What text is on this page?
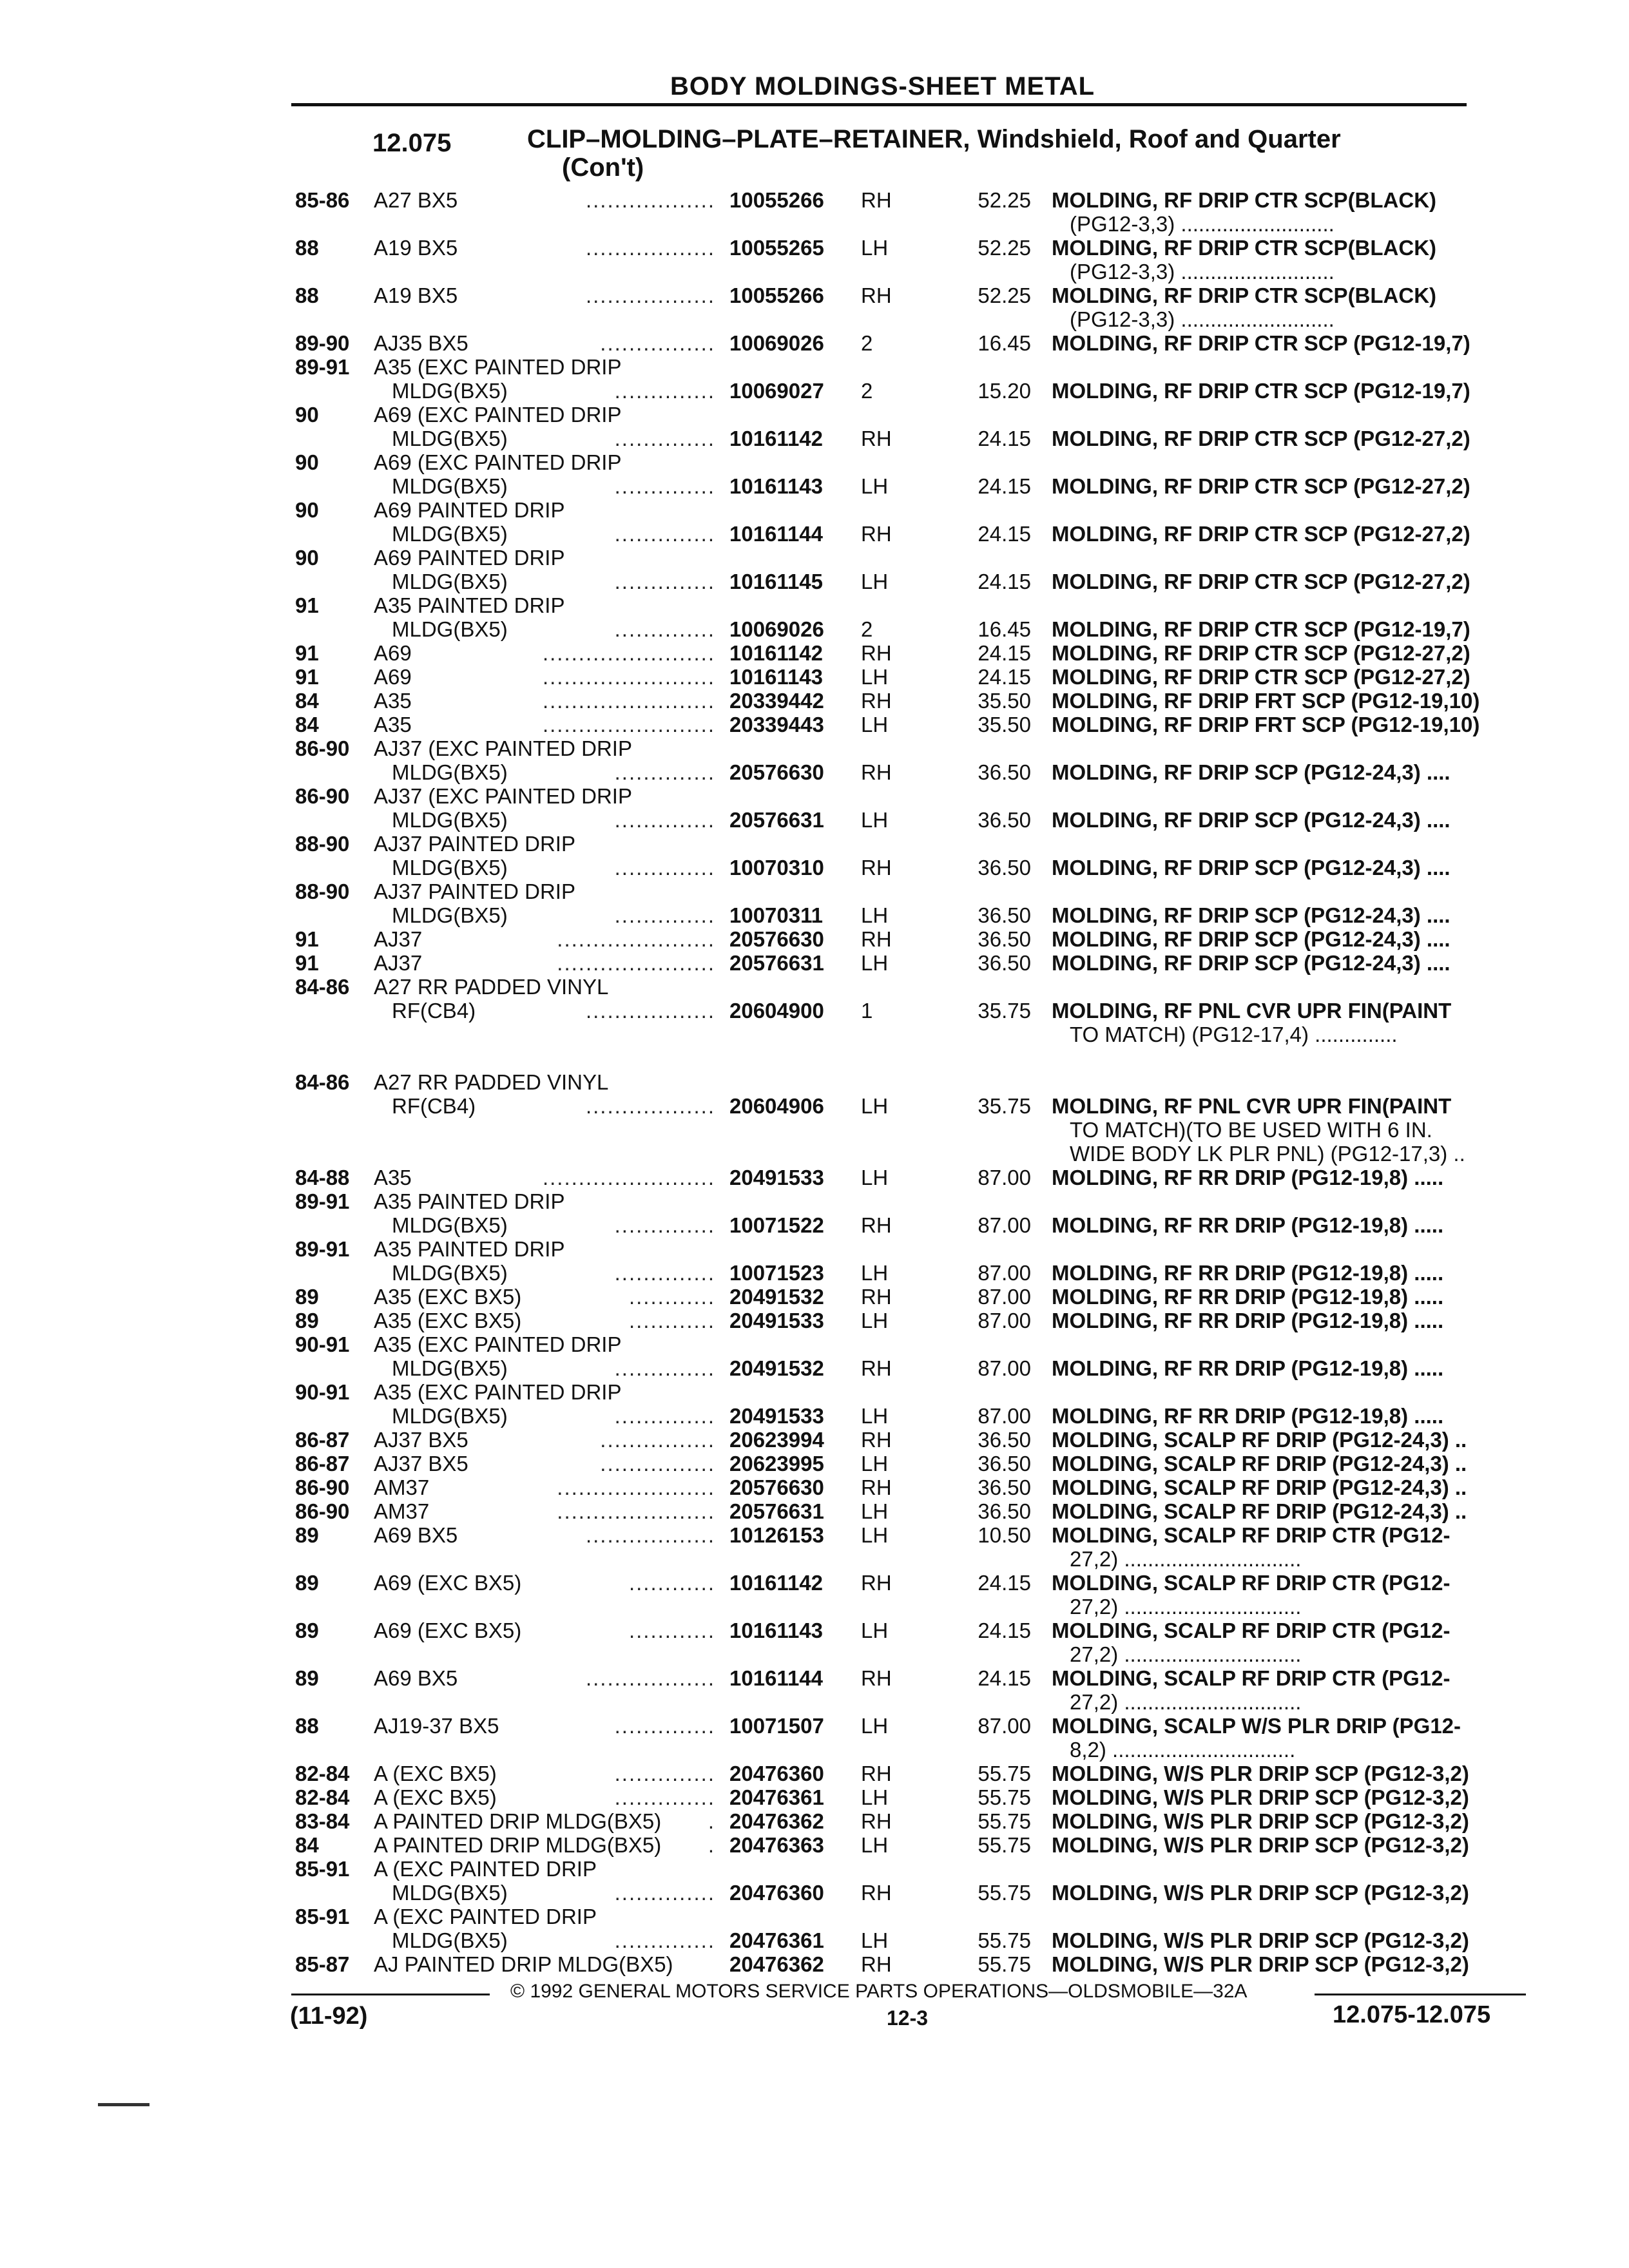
BODY MOLDINGS-SHEET METAL
12.075	CLIP–MOLDING–PLATE–RETAINER, Windshield, Roof and Quarter
(Con't)
85-86 A27 BX5	.................. 10055266 RH	52.25 MOLDING, RF DRIP CTR SCP(BLACK)
(PG12-3,3) ..........................
88	A19 BX5	.................. 10055265 LH	52.25 MOLDING, RF DRIP CTR SCP(BLACK)
(PG12-3,3) ..........................
88	A19 BX5	.................. 10055266 RH	52.25 MOLDING, RF DRIP CTR SCP(BLACK)
(PG12-3,3) ..........................
89-90 AJ35 BX5	................ 10069026 2	16.45 MOLDING, RF DRIP CTR SCP (PG12-19,7)
89-91 A35 (EXC PAINTED DRIP
MLDG(BX5)	.............. 10069027 2	15.20 MOLDING, RF DRIP CTR SCP (PG12-19,7)
90	A69 (EXC PAINTED DRIP
MLDG(BX5)	.............. 10161142 RH	24.15 MOLDING, RF DRIP CTR SCP (PG12-27,2)
90	A69 (EXC PAINTED DRIP
MLDG(BX5)	.............. 10161143 LH	24.15 MOLDING, RF DRIP CTR SCP (PG12-27,2)
90	A69 PAINTED DRIP
MLDG(BX5)	.............. 10161144 RH	24.15 MOLDING, RF DRIP CTR SCP (PG12-27,2)
90	A69 PAINTED DRIP
MLDG(BX5)	.............. 10161145 LH	24.15 MOLDING, RF DRIP CTR SCP (PG12-27,2)
91	A35 PAINTED DRIP
MLDG(BX5)	.............. 10069026 2	16.45 MOLDING, RF DRIP CTR SCP (PG12-19,7)
91	A69	........................ 10161142 RH	24.15 MOLDING, RF DRIP CTR SCP (PG12-27,2)
91	A69	........................ 10161143 LH	24.15 MOLDING, RF DRIP CTR SCP (PG12-27,2)
84	A35	........................ 20339442 RH	35.50 MOLDING, RF DRIP FRT SCP (PG12-19,10)
84	A35	........................ 20339443 LH	35.50 MOLDING, RF DRIP FRT SCP (PG12-19,10)
86-90 AJ37 (EXC PAINTED DRIP
MLDG(BX5)	.............. 20576630 RH	36.50 MOLDING, RF DRIP SCP (PG12-24,3) ....
86-90 AJ37 (EXC PAINTED DRIP
MLDG(BX5)	.............. 20576631 LH	36.50 MOLDING, RF DRIP SCP (PG12-24,3) ....
88-90 AJ37 PAINTED DRIP
MLDG(BX5)	.............. 10070310 RH	36.50 MOLDING, RF DRIP SCP (PG12-24,3) ....
88-90 AJ37 PAINTED DRIP
MLDG(BX5)	.............. 10070311 LH	36.50 MOLDING, RF DRIP SCP (PG12-24,3) ....
91	AJ37	...................... 20576630 RH	36.50 MOLDING, RF DRIP SCP (PG12-24,3) ....
91	AJ37	...................... 20576631 LH	36.50 MOLDING, RF DRIP SCP (PG12-24,3) ....
84-86 A27 RR PADDED VINYL
RF(CB4)	.................. 20604900 1	35.75 MOLDING, RF PNL CVR UPR FIN(PAINT
TO MATCH) (PG12-17,4) ..............
84-86 A27 RR PADDED VINYL
RF(CB4)	.................. 20604906 LH	35.75 MOLDING, RF PNL CVR UPR FIN(PAINT
TO MATCH)(TO BE USED WITH 6 IN.
WIDE BODY LK PLR PNL) (PG12-17,3) ..
84-88 A35	........................ 20491533 LH	87.00 MOLDING, RF RR DRIP (PG12-19,8) .....
89-91 A35 PAINTED DRIP
MLDG(BX5)	.............. 10071522 RH	87.00 MOLDING, RF RR DRIP (PG12-19,8) .....
89-91 A35 PAINTED DRIP
MLDG(BX5)	.............. 10071523 LH	87.00 MOLDING, RF RR DRIP (PG12-19,8) .....
89	A35 (EXC BX5)	............ 20491532 RH	87.00 MOLDING, RF RR DRIP (PG12-19,8) .....
89	A35 (EXC BX5)	............ 20491533 LH	87.00 MOLDING, RF RR DRIP (PG12-19,8) .....
90-91 A35 (EXC PAINTED DRIP
MLDG(BX5)	.............. 20491532 RH	87.00 MOLDING, RF RR DRIP (PG12-19,8) .....
90-91 A35 (EXC PAINTED DRIP
MLDG(BX5)	.............. 20491533 LH	87.00 MOLDING, RF RR DRIP (PG12-19,8) .....
86-87 AJ37 BX5	................ 20623994 RH	36.50 MOLDING, SCALP RF DRIP (PG12-24,3) ..
86-87 AJ37 BX5	................ 20623995 LH	36.50 MOLDING, SCALP RF DRIP (PG12-24,3) ..
86-90 AM37	...................... 20576630 RH	36.50 MOLDING, SCALP RF DRIP (PG12-24,3) ..
86-90 AM37	...................... 20576631 LH	36.50 MOLDING, SCALP RF DRIP (PG12-24,3) ..
89	A69 BX5	.................. 10126153 LH	10.50 MOLDING, SCALP RF DRIP CTR (PG12-
27,2) ..............................
89	A69 (EXC BX5)	............ 10161142 RH	24.15 MOLDING, SCALP RF DRIP CTR (PG12-
27,2) ..............................
89	A69 (EXC BX5)	............ 10161143 LH	24.15 MOLDING, SCALP RF DRIP CTR (PG12-
27,2) ..............................
89	A69 BX5	.................. 10161144 RH	24.15 MOLDING, SCALP RF DRIP CTR (PG12-
27,2) ..............................
88	AJ19-37 BX5	.............. 10071507 LH	87.00 MOLDING, SCALP W/S PLR DRIP (PG12-
8,2) ...............................
82-84 A (EXC BX5)	.............. 20476360 RH	55.75 MOLDING, W/S PLR DRIP SCP (PG12-3,2)
82-84 A (EXC BX5)	.............. 20476361 LH	55.75 MOLDING, W/S PLR DRIP SCP (PG12-3,2)
83-84 A PAINTED DRIP MLDG(BX5)	. 20476362 RH	55.75 MOLDING, W/S PLR DRIP SCP (PG12-3,2)
84	A PAINTED DRIP MLDG(BX5)	. 20476363 LH	55.75 MOLDING, W/S PLR DRIP SCP (PG12-3,2)
85-91 A (EXC PAINTED DRIP
MLDG(BX5)	.............. 20476360 RH	55.75 MOLDING, W/S PLR DRIP SCP (PG12-3,2)
85-91 A (EXC PAINTED DRIP
MLDG(BX5)	.............. 20476361 LH	55.75 MOLDING, W/S PLR DRIP SCP (PG12-3,2)
85-87 AJ PAINTED DRIP MLDG(BX5)	20476362 RH	55.75 MOLDING, W/S PLR DRIP SCP (PG12-3,2)
© 1992 GENERAL MOTORS SERVICE PARTS OPERATIONS—OLDSMOBILE—32A
(11-92)	12-3	12.075-12.075
